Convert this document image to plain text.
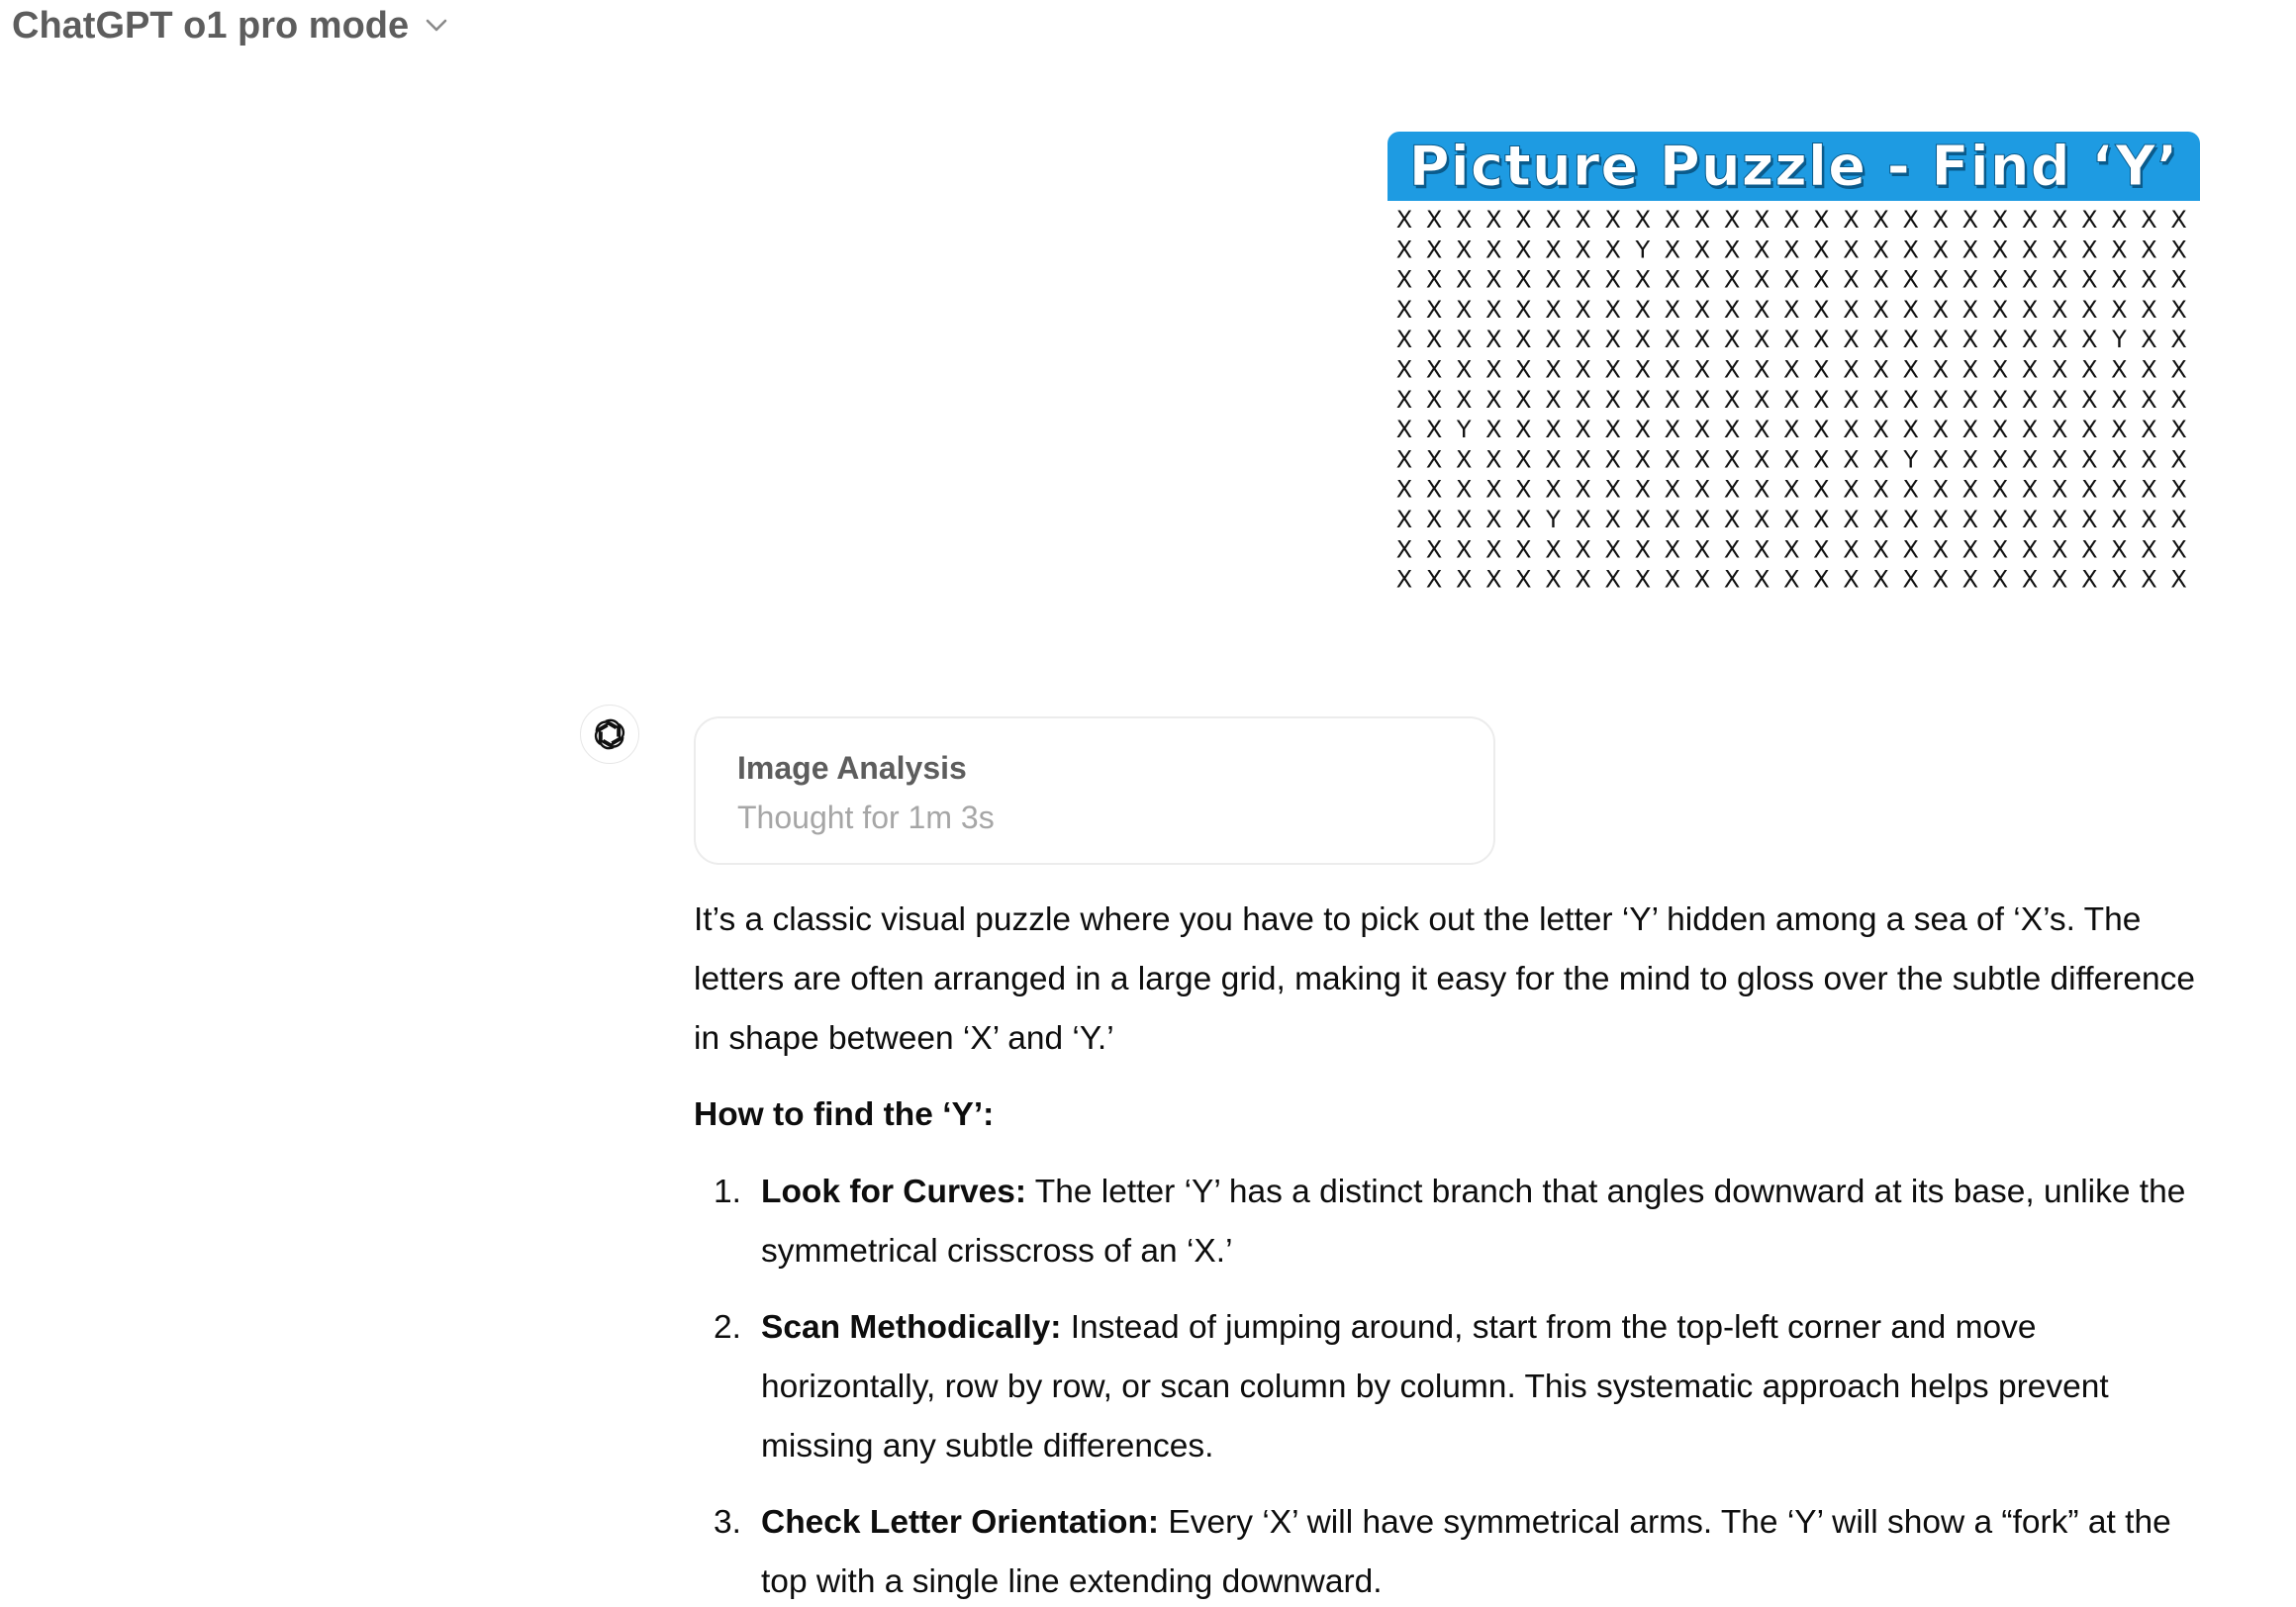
ChatGPT o1 pro mode
Picture Puzzle - Find ‘Y’
X X X X X X X X X X X X X X X X X X X X X X X X X X X
X X X X X X X X Y X X X X X X X X X X X X X X X X X X
X X X X X X X X X X X X X X X X X X X X X X X X X X X
X X X X X X X X X X X X X X X X X X X X X X X X X X X
X X X X X X X X X X X X X X X X X X X X X X X X Y X X
X X X X X X X X X X X X X X X X X X X X X X X X X X X
X X X X X X X X X X X X X X X X X X X X X X X X X X X
X X Y X X X X X X X X X X X X X X X X X X X X X X X X
X X X X X X X X X X X X X X X X X Y X X X X X X X X X
X X X X X X X X X X X X X X X X X X X X X X X X X X X
X X X X X Y X X X X X X X X X X X X X X X X X X X X X
X X X X X X X X X X X X X X X X X X X X X X X X X X X
X X X X X X X X X X X X X X X X X X X X X X X X X X X
Image Analysis
Thought for 1m 3s

It’s a classic visual puzzle where you have to pick out the letter ‘Y’ hidden among a sea of ‘X’s. The letters are often arranged in a large grid, making it easy for the mind to gloss over the subtle difference in shape between ‘X’ and ‘Y.’

How to find the ‘Y’:

1. Look for Curves: The letter ‘Y’ has a distinct branch that angles downward at its base, unlike the symmetrical crisscross of an ‘X.’
2. Scan Methodically: Instead of jumping around, start from the top-left corner and move horizontally, row by row, or scan column by column. This systematic approach helps prevent missing any subtle differences.
3. Check Letter Orientation: Every ‘X’ will have symmetrical arms. The ‘Y’ will show a “fork” at the top with a single line extending downward.
